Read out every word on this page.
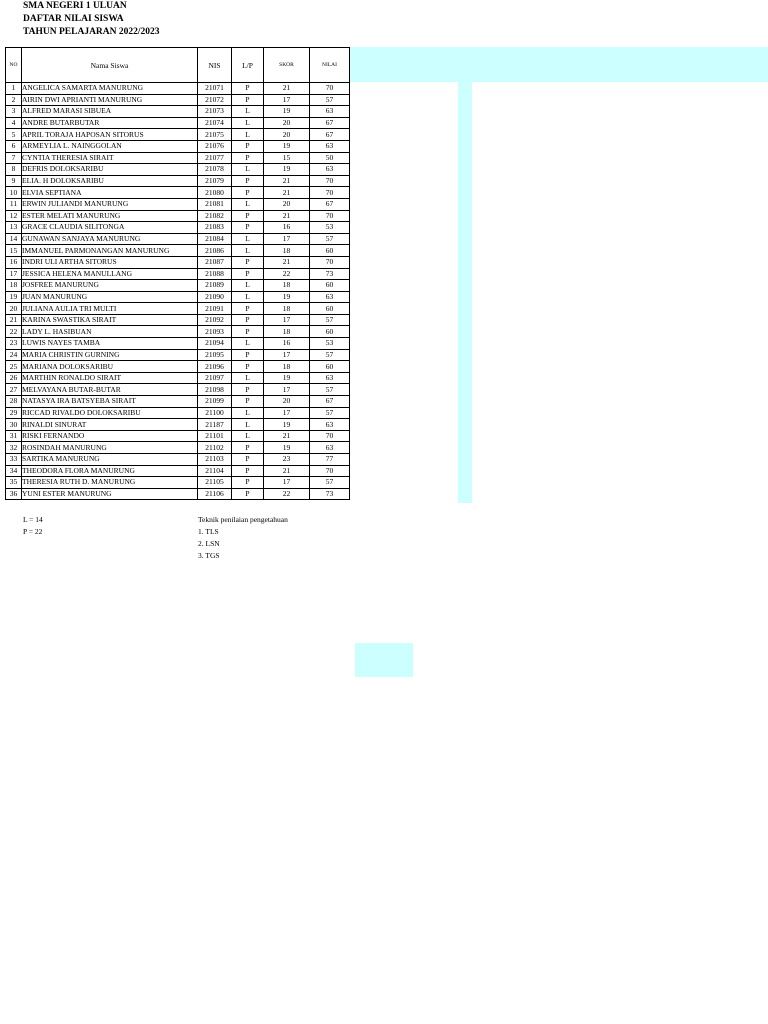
SMA NEGERI 1 ULUAN
DAFTAR NILAI SISWA
TAHUN PELAJARAN 2022/2023
NO	Nama Siswa	NIS	L/P	SKOR	NILAI
1	ANGELICA SAMARTA MANURUNG	21071	P	21	70
2	AIRIN DWI APRIANTI MANURUNG	21072	P	17	57
3	ALFRED MARASI SIBUEA	21073	L	19	63
4	ANDRE BUTARBUTAR	21074	L	20	67
5	APRIL TORAJA HAPOSAN SITORUS	21075	L	20	67
6	ARMEYLIA L. NAINGGOLAN	21076	P	19	63
7	CYNTIA THERESIA SIRAIT	21077	P	15	50
8	DEFRIS DOLOKSARIBU	21078	L	19	63
9	ELIA. H DOLOKSARIBU	21079	P	21	70
10	ELVIA SEPTIANA	21080	P	21	70
11	ERWIN JULIANDI MANURUNG	21081	L	20	67
12	ESTER MELATI MANURUNG	21082	P	21	70
13	GRACE CLAUDIA SILITONGA	21083	P	16	53
14	GUNAWAN SANJAYA MANURUNG	21084	L	17	57
15	IMMANUEL PARMONANGAN MANURUNG	21086	L	18	60
16	INDRI ULI ARTHA SITORUS	21087	P	21	70
17	JESSICA HELENA MANULLANG	21088	P	22	73
18	JOSFREE MANURUNG	21089	L	18	60
19	JUAN MANURUNG	21090	L	19	63
20	JULIANA AULIA TRI MULTI	21091	P	18	60
21	KARINA SWASTIKA SIRAIT	21092	P	17	57
22	LADY L. HASIBUAN	21093	P	18	60
23	LUWIS NAYES TAMBA	21094	L	16	53
24	MARIA CHRISTIN GURNING	21095	P	17	57
25	MARIANA DOLOKSARIBU	21096	P	18	60
26	MARTHIN RONALDO SIRAIT	21097	L	19	63
27	MELVAYANA BUTAR-BUTAR	21098	P	17	57
28	NATASYA IRA BATSYEBA SIRAIT	21099	P	20	67
29	RICCAD RIVALDO DOLOKSARIBU	21100	L	17	57
30	RINALDI SINURAT	21187	L	19	63
31	RISKI FERNANDO	21101	L	21	70
32	ROSINDAH MANURUNG	21102	P	19	63
33	SARTIKA MANURUNG	21103	P	23	77
34	THEODORA FLORA MANURUNG	21104	P	21	70
35	THERESIA RUTH D. MANURUNG	21105	P	17	57
36	YUNI ESTER MANURUNG	21106	P	22	73
L = 14
P = 22
Teknik penilaian pengetahuan
1. TLS
2. LSN
3. TGS
